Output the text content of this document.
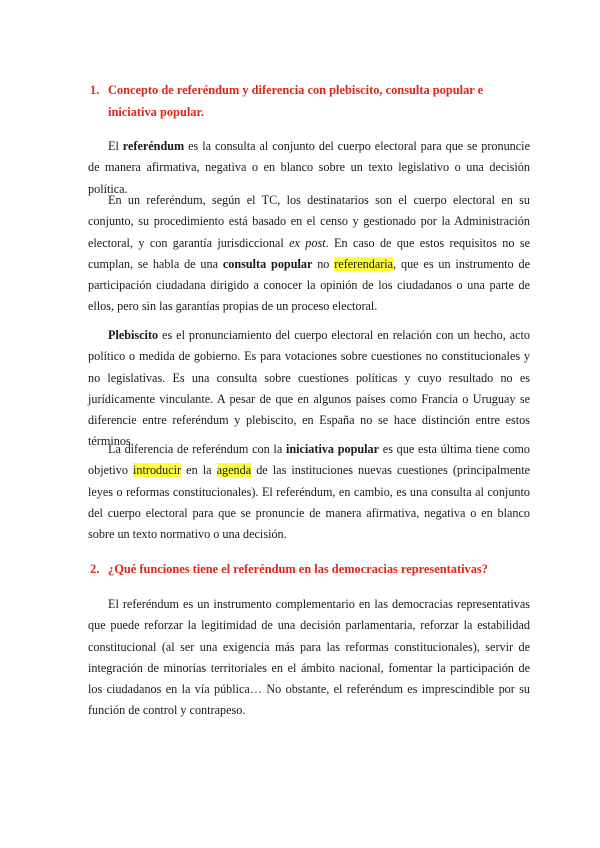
1. Concepto de referéndum y diferencia con plebiscito, consulta popular e iniciativa popular.

El referéndum es la consulta al conjunto del cuerpo electoral para que se pronuncie de manera afirmativa, negativa o en blanco sobre un texto legislativo o una decisión política.

En un referéndum, según el TC, los destinatarios son el cuerpo electoral en su conjunto, su procedimiento está basado en el censo y gestionado por la Administración electoral, y con garantía jurisdiccional ex post. En caso de que estos requisitos no se cumplan, se habla de una consulta popular no referendaria, que es un instrumento de participación ciudadana dirigido a conocer la opinión de los ciudadanos o una parte de ellos, pero sin las garantías propias de un proceso electoral.

Plebiscito es el pronunciamiento del cuerpo electoral en relación con un hecho, acto político o medida de gobierno. Es para votaciones sobre cuestiones no constitucionales y no legislativas. Es una consulta sobre cuestiones políticas y cuyo resultado no es jurídicamente vinculante. A pesar de que en algunos países como Francia o Uruguay se diferencie entre referéndum y plebiscito, en España no se hace distinción entre estos términos.

La diferencia de referéndum con la iniciativa popular es que esta última tiene como objetivo introducir en la agenda de las instituciones nuevas cuestiones (principalmente leyes o reformas constitucionales). El referéndum, en cambio, es una consulta al conjunto del cuerpo electoral para que se pronuncie de manera afirmativa, negativa o en blanco sobre un texto normativo o una decisión.

2. ¿Qué funciones tiene el referéndum en las democracias representativas?

El referéndum es un instrumento complementario en las democracias representativas que puede reforzar la legitimidad de una decisión parlamentaria, reforzar la estabilidad constitucional (al ser una exigencia más para las reformas constitucionales), servir de integración de minorías territoriales en el ámbito nacional, fomentar la participación de los ciudadanos en la vía pública… No obstante, el referéndum es imprescindible por su función de control y contrapeso.
